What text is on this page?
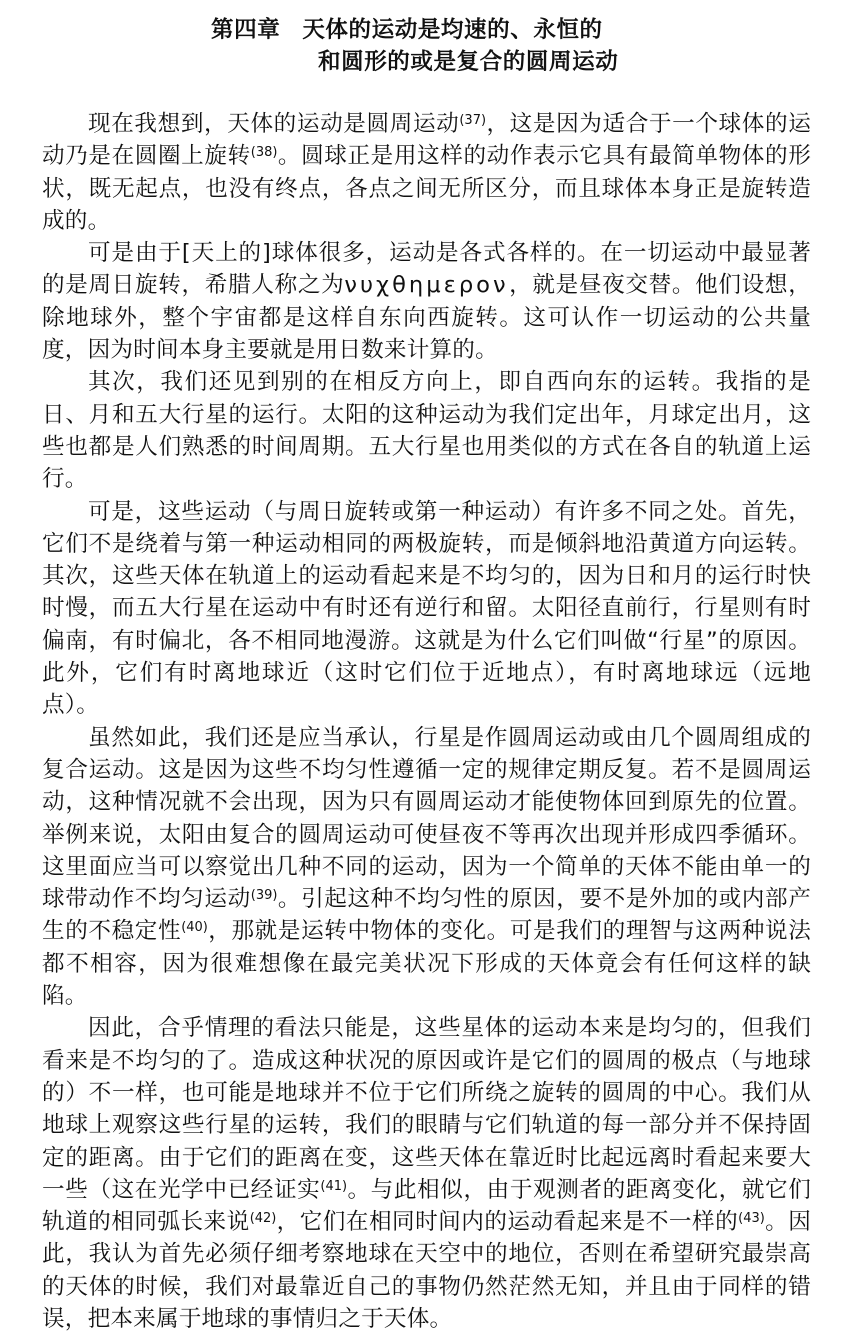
第四章 天体的运动是均速的、永恒的
和圆形的或是复合的圆周运动

现在我想到，天体的运动是圆周运动$^{(37)}$，这是因为适合于一个球体的运动乃是在圆圈上旋转$^{(38)}$。圆球正是用这样的动作表示它具有最简单物体的形状，既无起点，也没有终点，各点之间无所区分，而且球体本身正是旋转造成的。

可是由于[天上的]球体很多，运动是各式各样的。在一切运动中最显著的是周日旋转，希腊人称之为νυχθημερον，就是昼夜交替。他们设想，除地球外，整个宇宙都是这样自东向西旋转。这可认作一切运动的公共量度，因为时间本身主要就是用日数来计算的。

其次，我们还见到别的在相反方向上，即自西向东的运转。我指的是日、月和五大行星的运行。太阳的这种运动为我们定出年，月球定出月，这些也都是人们熟悉的时间周期。五大行星也用类似的方式在各自的轨道上运行。

可是，这些运动（与周日旋转或第一种运动）有许多不同之处。首先，它们不是绕着与第一种运动相同的两极旋转，而是倾斜地沿黄道方向运转。其次，这些天体在轨道上的运动看起来是不均匀的，因为日和月的运行时快时慢，而五大行星在运动中有时还有逆行和留。太阳径直前行，行星则有时偏南，有时偏北，各不相同地漫游。这就是为什么它们叫做“行星”的原因。此外，它们有时离地球近（这时它们位于近地点），有时离地球远（远地点）。

虽然如此，我们还是应当承认，行星是作圆周运动或由几个圆周组成的复合运动。这是因为这些不均匀性遵循一定的规律定期反复。若不是圆周运动，这种情况就不会出现，因为只有圆周运动才能使物体回到原先的位置。举例来说，太阳由复合的圆周运动可使昼夜不等再次出现并形成四季循环。这里面应当可以察觉出几种不同的运动，因为一个简单的天体不能由单一的球带动作不均匀运动$^{(39)}$。引起这种不均匀性的原因，要不是外加的或内部产生的不稳定性$^{(40)}$，那就是运转中物体的变化。可是我们的理智与这两种说法都不相容，因为很难想像在最完美状况下形成的天体竟会有任何这样的缺陷。

因此，合乎情理的看法只能是，这些星体的运动本来是均匀的，但我们看来是不均匀的了。造成这种状况的原因或许是它们的圆周的极点（与地球的）不一样，也可能是地球并不位于它们所绕之旋转的圆周的中心。我们从地球上观察这些行星的运转，我们的眼睛与它们轨道的每一部分并不保持固定的距离。由于它们的距离在变，这些天体在靠近时比起远离时看起来要大一些（这在光学中已经证实$^{(41)}$。与此相似，由于观测者的距离变化，就它们轨道的相同弧长来说$^{(42)}$，它们在相同时间内的运动看起来是不一样的$^{(43)}$。因此，我认为首先必须仔细考察地球在天空中的地位，否则在希望研究最崇高的天体的时候，我们对最靠近自己的事物仍然茫然无知，并且由于同样的错误，把本来属于地球的事情归之于天体。
